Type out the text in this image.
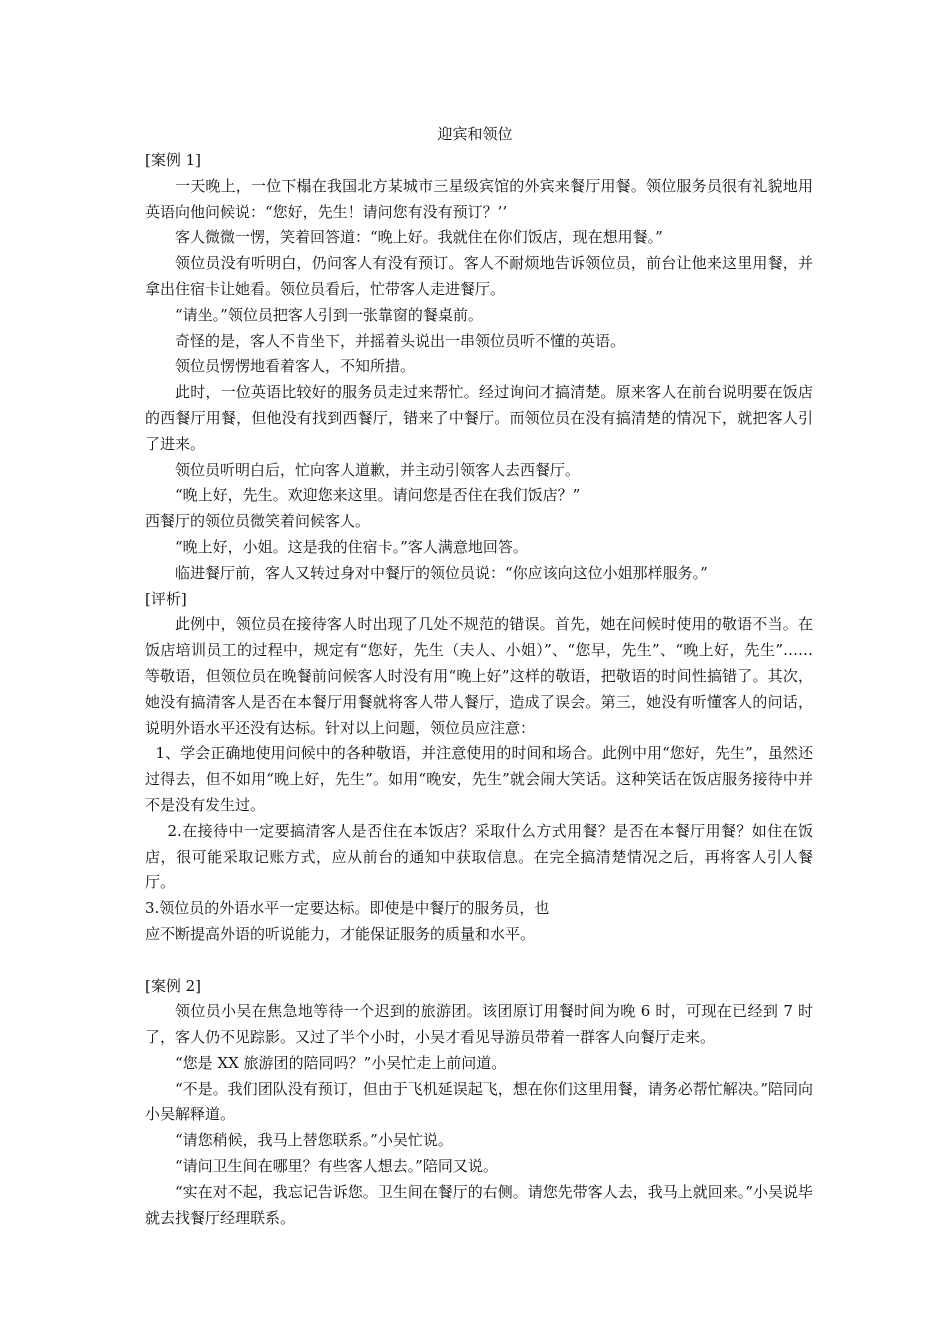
迎宾和领位

[案例 1]

一天晚上，一位下榻在我国北方某城市三星级宾馆的外宾来餐厅用餐。领位服务员很有礼貌地用英语向他问候说：“您好，先生！请问您有没有预订？’’

客人微微一愣，笑着回答道：“晚上好。我就住在你们饭店，现在想用餐。”

领位员没有听明白，仍问客人有没有预订。客人不耐烦地告诉领位员，前台让他来这里用餐，并拿出住宿卡让她看。领位员看后，忙带客人走进餐厅。

“请坐。”领位员把客人引到一张靠窗的餐桌前。

奇怪的是，客人不肯坐下，并摇着头说出一串领位员听不懂的英语。

领位员愣愣地看着客人，不知所措。

此时，一位英语比较好的服务员走过来帮忙。经过询问才搞清楚。原来客人在前台说明要在饭店的西餐厅用餐，但他没有找到西餐厅，错来了中餐厅。而领位员在没有搞清楚的情况下，就把客人引了进来。

领位员听明白后，忙向客人道歉，并主动引领客人去西餐厅。

“晚上好，先生。欢迎您来这里。请问您是否住在我们饭店？”

西餐厅的领位员微笑着问候客人。

“晚上好，小姐。这是我的住宿卡。”客人满意地回答。

临进餐厅前，客人又转过身对中餐厅的领位员说：“你应该向这位小姐那样服务。”

[评析]

此例中，领位员在接待客人时出现了几处不规范的错误。首先，她在问候时使用的敬语不当。在饭店培训员工的过程中，规定有“您好，先生（夫人、小姐）”、“您早，先生”、“晚上好，先生”……等敬语，但领位员在晚餐前问候客人时没有用“晚上好”这样的敬语，把敬语的时间性搞错了。其次，她没有搞清客人是否在本餐厅用餐就将客人带人餐厅，造成了误会。第三，她没有听懂客人的问话，说明外语水平还没有达标。针对以上问题，领位员应注意：

1、学会正确地使用问候中的各种敬语，并注意使用的时间和场合。此例中用“您好，先生”，虽然还过得去，但不如用“晚上好，先生”。如用“晚安，先生”就会闹大笑话。这种笑话在饭店服务接待中并不是没有发生过。

2.在接待中一定要搞清客人是否住在本饭店？采取什么方式用餐？是否在本餐厅用餐？如住在饭店，很可能采取记账方式，应从前台的通知中获取信息。在完全搞清楚情况之后，再将客人引人餐厅。

3.领位员的外语水平一定要达标。即使是中餐厅的服务员，也

应不断提高外语的听说能力，才能保证服务的质量和水平。

[案例 2]

领位员小吴在焦急地等待一个迟到的旅游团。该团原订用餐时间为晚 6 时，可现在已经到 7 时了，客人仍不见踪影。又过了半个小时，小吴才看见导游员带着一群客人向餐厅走来。

“您是 XX 旅游团的陪同吗？”小吴忙走上前问道。

“不是。我们团队没有预订，但由于飞机延误起飞，想在你们这里用餐，请务必帮忙解决。”陪同向小吴解释道。

“请您稍候，我马上替您联系。”小吴忙说。

“请问卫生间在哪里？有些客人想去。”陪同又说。

“实在对不起，我忘记告诉您。卫生间在餐厅的右侧。请您先带客人去，我马上就回来。”小吴说毕就去找餐厅经理联系。
